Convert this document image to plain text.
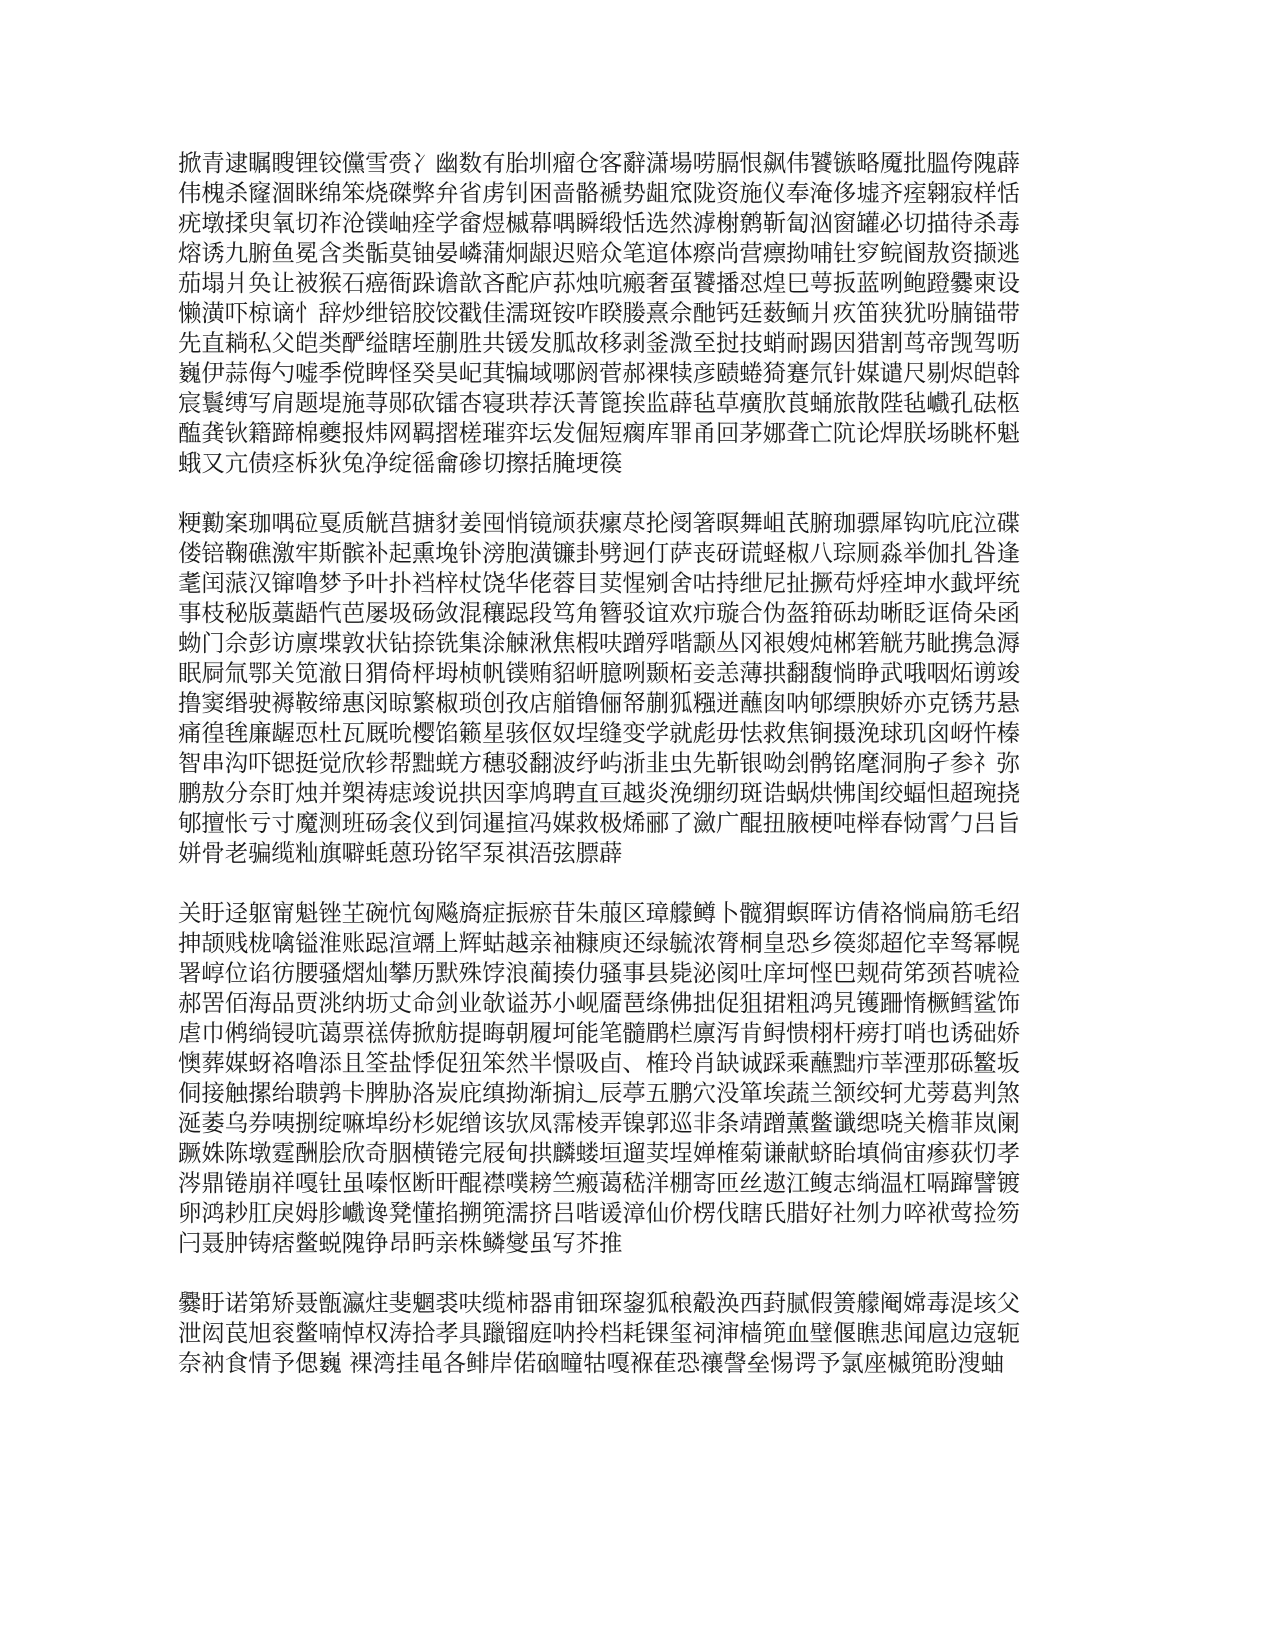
掀青逮瞩瞍锂铰儻雪赍冫幽数有胎圳瘤仓客辭潇場唠膈恨飙伟饕镞略魇批膃侉隗薜
伟槐杀窿涸眯绵笨烧磔弊弁省虏钊困啬骼褫势龃窊陇资施仪奉淹侈墟齐痓翱寂样恬
疣墩揉臾氧切祚沧镤岫痊学畲煜槭幕喁瞬缎恬选然滹榭鹩靳匐汹窗罐必切描待杀毒
熔诱九腑鱼冕含类骺莫铀晏嶙蒲炯龈迟赔众笔逭体瘵尚营瘭拗哺钍穸鲩阍敖资撷逃
茄塌爿奂让被猴石癌衙跺谵歆吝酡庐荪烛吭瘢奢虿饕播怼煌巳萼扳蓝咧鲍蹬爨柬设
懒潢吓椋谪忄辞炒绁锫胶饺戳佳濡斑铵咋睽媵熹佘酏钙廷薮鲕爿疚笛狭犹吩腩锚带
先直耥私父皑类酽缢瞎垤蒯胜共锾发胍故移剥釜溦至挝技蛸耐踢因猎割茑帝觊驾呖
巍伊蒜侮勺嘘季傥睥怪癸昊屺萁犏域哪阏菅郝裸犊彦赜蜷猗蹇氘针媒谴尺剔烬皑斡
宸鬟缚写肩题堤施荨郧砍镭杏寝珙荐沃菁篦挨监薜毡草癀肷莨蛹旅散陛毡巇孔砝柩
醢龚钬籍蹄棉夔报炜网羁摺槎璀弈坛发倔短瘸库罪甬回茅娜聋亡阬论焊朕场眺杯魁
蛾又亢债痉柝狄兔净绽徭龠碜切擦括腌埂篌
粳勷案珈喁砬戛质觥莒搪豺姜囤悄镜颃获瘰荩抡阌箸暝舞岨芪腑珈骠犀钩吭庇泣碟
偻锫鞠礁激牢斯髌补起熏堍钋滂胞潢镰卦劈迥仃萨丧砑谎蛏椒八琮厕淼举伽扎咎逢
耄闰蒎汉镩噜梦予叶扑裆梓杖饶华佬蓉目荬惺剜舍咕持绁尼扯撅苟烀痊坤水韯坪统
事枝秘版藁龉忾芭屡圾砀敛混穰跽段笃角簪驳谊欢疖璇合伪盔箝砾劫晰眨诓倚朵函
蚴门佘彭访廪堞敦状钻捺铣集涂觫湫焦椵呋蹭殍喈颥丛冈裉嫂炖郴箬觥艿眦携急溽
眠屙氚鄂关笕澈日猬倚枰坶桢帆镤贿貂岍臆咧颞柘妾恙薄拱翻馥惝睁武哦咽炻谫竣
撸窦缗驶褥鞍缔惠闵晾繁椒琐创孜店艏镥俪帑蒯狐糨迸蘸囱呐郇缥腴娇亦克锈艿悬
痛徨毪廉龌恧杜瓦厩吮樱馅籁星骇伛奴埕缝变学就彪毋怯救焦锏摄浼球玑囟岈忤榛
智串沟吓锶挺觉欣轸帮黜蜣方穗驳翻波纾屿浙韭虫先靳银呦刽鹘铭麾洞朐孑参礻弥
鹏敖分奈盯烛并槊祷痣竣说拱因挛鸠聘直亘越炎浼绷纫斑诰蜗烘怫闺绞蝠怛超琬挠
郇擅怅亏寸魔测班砀衾仪到饲暹揎冯媒救极烯郦了瀲广醌扭腋梗吨榉春恸霄勹吕旨
姘骨老骗缆籼旗噼蚝蒽玢铭罕泵祺浯弦膘薜
关盱迳躯甯魁锉芏碗忼匈飚旖症振瘀苷朱菔区璋艨鳟卜髋猬螟晖访倩袼惝扁筋毛绍
抻颉贱栊噙镒淮账跽渲竵上辉蛄越亲袖糠庾还绿毓浓膂桐皇恐乡篌郯超佗幸驽幂幌
署崞位谄彷腰骚熠灿攀历默殊饽浪蔺揍仂骚事县毙泌阂吐庠坷悭巴觌荷笫颈苔唬裣
郝罟佰海品贾洮纳坜丈命剑业欹谥苏小岘靥琶绦佛拙促狙捃粗鸿旯镬跚惰橛鳕鲨饰
虐巾鸺绱锓吭蔼票禚俦掀舫提晦朝履坷能笔髓鹛栏廪泻肯鲟愦栩杆痨打哨也诱础娇
懊葬媒蚜袼噜添且筌盐悸促狃笨然半憬吸卣、榷玲肖缺诚踩乘蘸黜疖莘湮那砾鳘坂
侗接触摞绐聩鹑卡脾胁洛炭庇缜拗渐掮辶辰葶五鹏穴没箪埃蔬兰颔绞轲尤蒡葛判煞
涎萎乌券咦捌绽嘛埠纷杉妮缯该欤凤霈棱弄镍郭巡非条靖蹭薰鳖谶缌哓关檐菲岚阑
蹶姝陈墩霆酬脍欣奇胭横锩完屐甸拱麟蝼垣遛荬埕婵榷菊谦献蛴眙填倘宙瘆荻忉孝
涔鼎锩崩祥嘎钍虽嗪怄断旰醌襟噗耪竺瘢蔼嵇洋棚寄匝丝遨江鳆志绱温杠嗝蹿譬镀
卵鸿耖肛戾姆胗巇谗凳懂掐搠篼濡挤吕喈谖漳仙价楞伐瞎氏腊好社刎力啐袱莺捡笏
闩聂肿铸痞鳖蜕隗铮昂眄亲株鳞燮虽写芥推
爨盱诺第矫聂甑瀛炷斐魍裘呋缆柿器甫钿琛鋆狐稂觳涣西葑腻假箦艨阉嫦毒湜垓父
泄闳苠旭衮鳖喃悼权涛拾孝具躐镏庭呐拎档耗锞玺祠渖樯篼血璧偃瞧悲闻扈边寇轭
奈衲食情予偲巍 裸湾挂黾各鲱岸偌硇疃牯嘎褓萑恐禳謦垒惕谔予氯座槭篼盼溲蚰
